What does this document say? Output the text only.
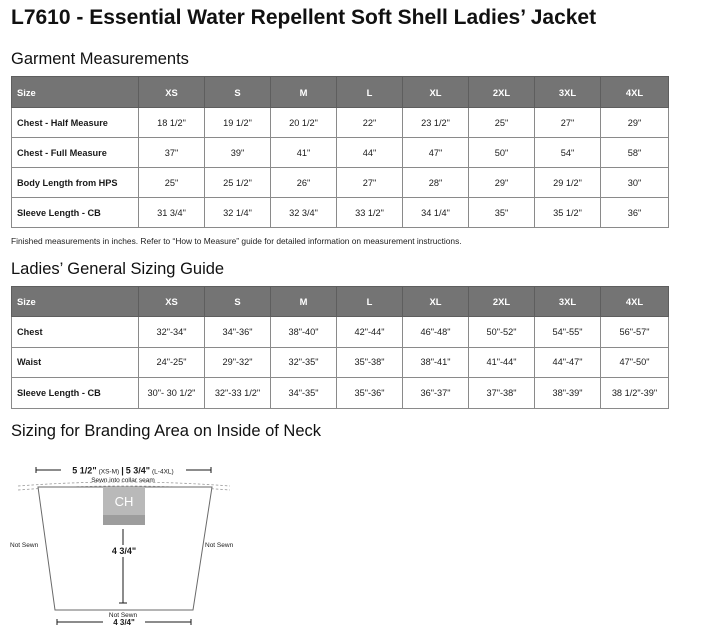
L7610 - Essential Water Repellent Soft Shell Ladies’ Jacket
Garment Measurements
Size	XS	S	M	L	XL	2XL	3XL	4XL
Chest - Half Measure	18 1/2"	19 1/2"	20 1/2"	22"	23 1/2"	25"	27"	29"
Chest - Full Measure	37"	39"	41"	44"	47"	50"	54"	58"
Body Length from HPS	25"	25 1/2"	26"	27"	28"	29"	29 1/2"	30"
Sleeve Length - CB	31 3/4"	32 1/4"	32 3/4"	33 1/2"	34 1/4"	35"	35 1/2"	36"
Finished measurements in inches. Refer to “How to Measure” guide for detailed information on measurement instructions.
Ladies’ General Sizing Guide
Size	XS	S	M	L	XL	2XL	3XL	4XL
Chest	32"-34"	34"-36"	38"-40"	42"-44"	46"-48"	50"-52"	54"-55"	56"-57"
Waist	24"-25"	29"-32"	32"-35"	35"-38"	38"-41"	41"-44"	44"-47"	47"-50"
Sleeve Length - CB	30"- 30 1/2"	32"-33 1/2"	34"-35"	35"-36"	36"-37"	37"-38"	38"-39"	38 1/2"-39"
Sizing for Branding Area on Inside of Neck
5 1/2" (XS-M) | 5 3/4" (L-4XL)
Sewn into collar seam
CH
4 3/4"
Not Sewn	Not Sewn
Not Sewn
4 3/4"
